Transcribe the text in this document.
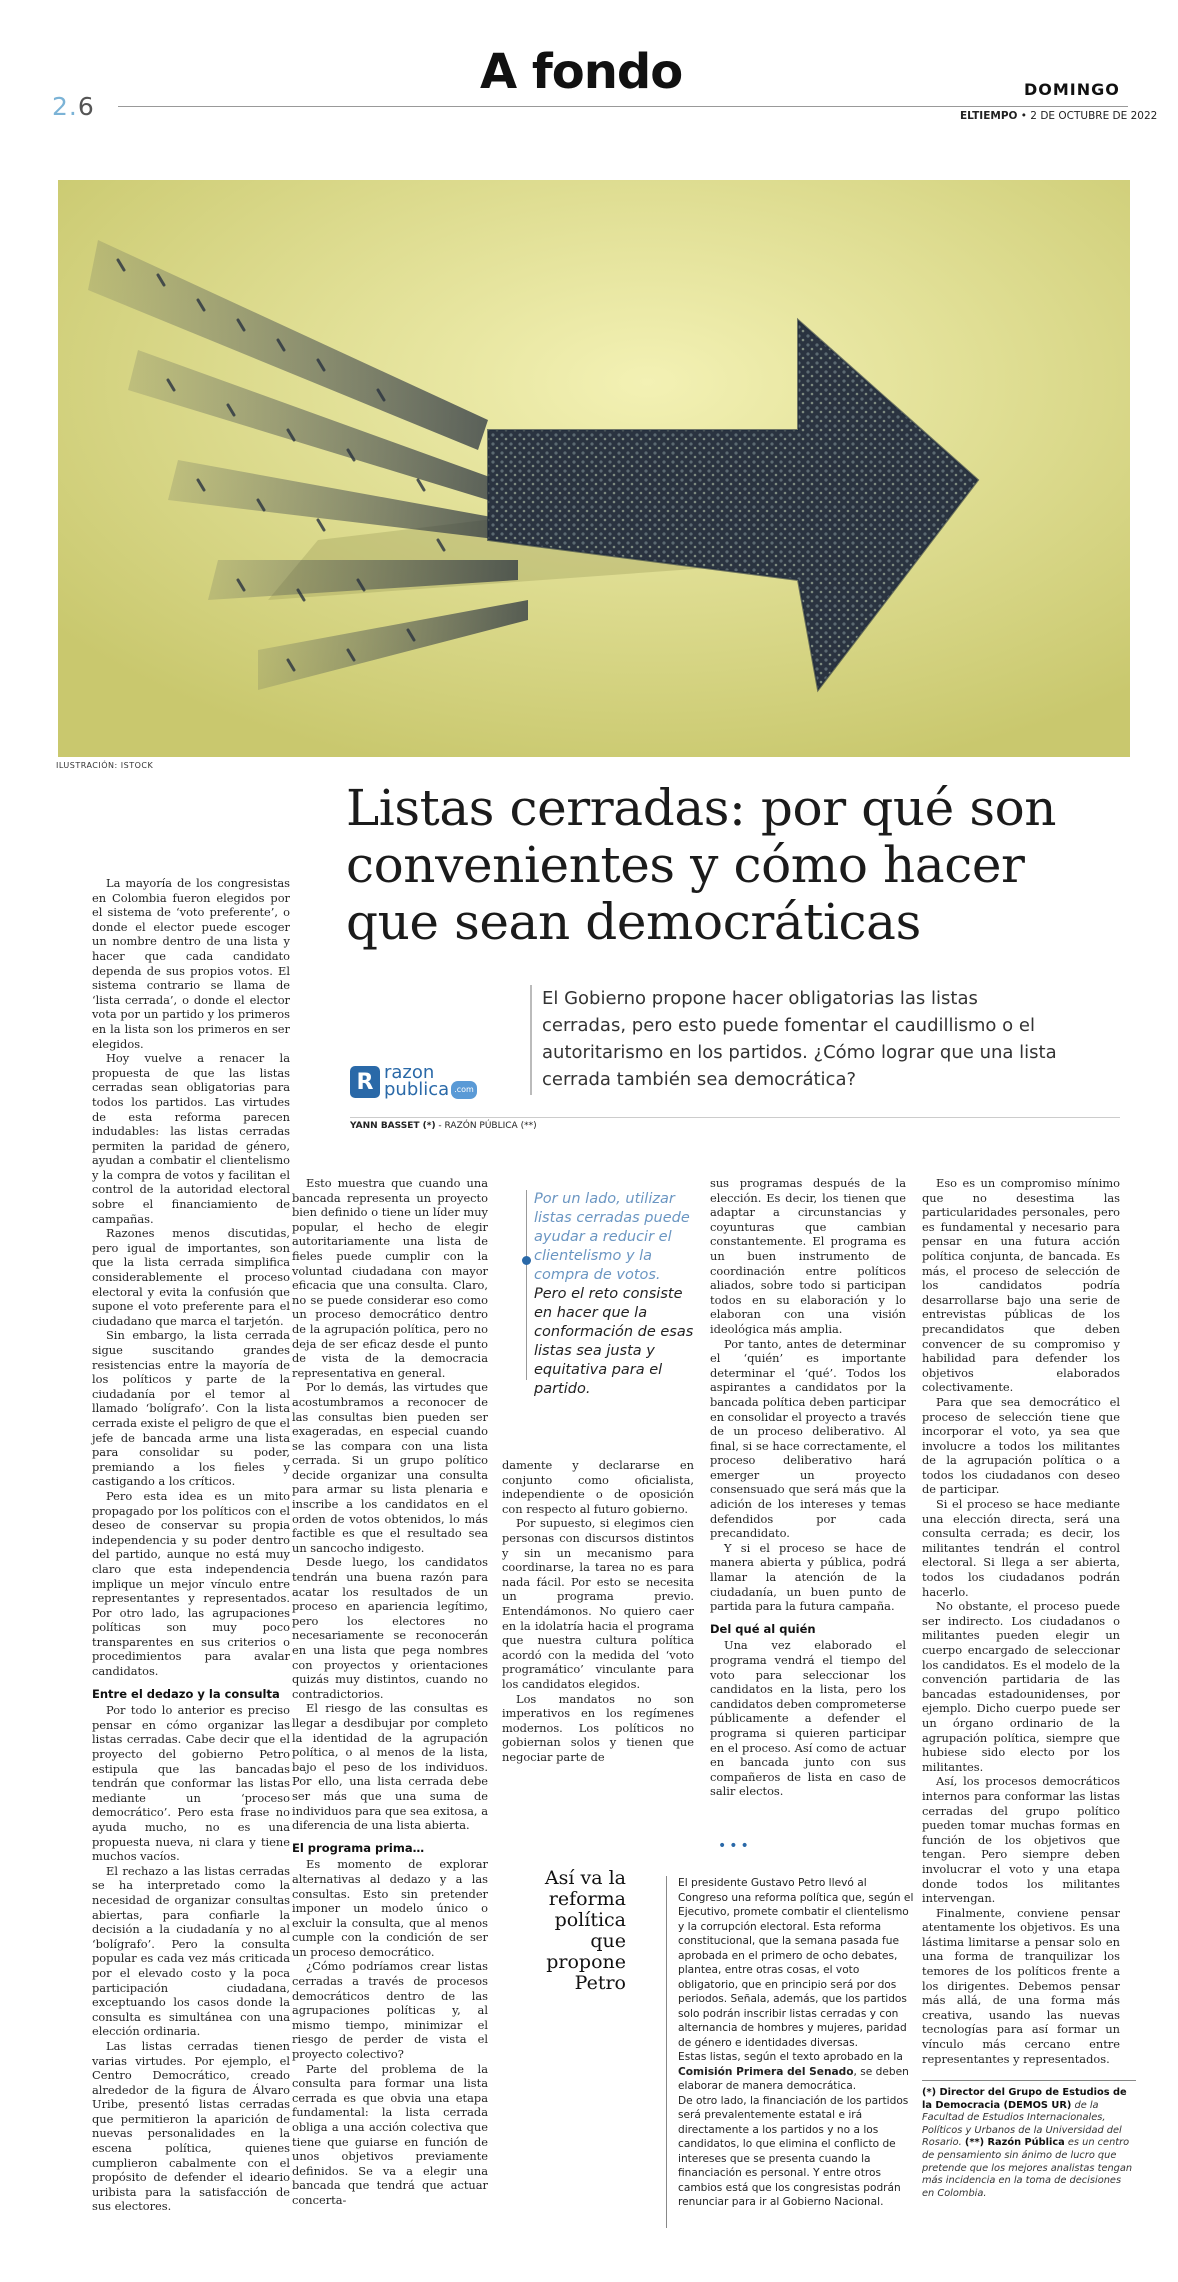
2.6
A fondo	DOMINGO
ELTIEMPO • 2 DE OCTUBRE DE 2022
ILUSTRACIÓN: ISTOCK
Listas cerradas: por qué son convenientes y cómo hacer que sean democráticas
El Gobierno propone hacer obligatorias las listas cerradas, pero esto puede fomentar el caudillismo o el autoritarismo en los partidos. ¿Cómo lograr que una lista cerrada también sea democrática?
R razon
publica .com
YANN BASSET (*) - RAZÓN PÚBLICA (**)

La mayoría de los congresistas en Colombia fueron elegidos por el sistema de ‘voto preferente’, o donde el elector puede escoger un nombre dentro de una lista y hacer que cada candidato dependa de sus propios votos. El sistema contrario se llama de ‘lista cerrada’, o donde el elector vota por un partido y los primeros en la lista son los primeros en ser elegidos.

Hoy vuelve a renacer la propuesta de que las listas cerradas sean obligatorias para todos los partidos. Las virtudes de esta reforma parecen indudables: las listas cerradas permiten la paridad de género, ayudan a combatir el clientelismo y la compra de votos y facilitan el control de la autoridad electoral sobre el financiamiento de campañas.

Razones menos discutidas, pero igual de importantes, son que la lista cerrada simplifica considerablemente el proceso electoral y evita la confusión que supone el voto preferente para el ciudadano que marca el tarjetón.

Sin embargo, la lista cerrada sigue suscitando grandes resistencias entre la mayoría de los políticos y parte de la ciudadanía por el temor al llamado ‘bolígrafo’. Con la lista cerrada existe el peligro de que el jefe de bancada arme una lista para consolidar su poder, premiando a los fieles y castigando a los críticos.

Pero esta idea es un mito propagado por los políticos con el deseo de conservar su propia independencia y su poder dentro del partido, aunque no está muy claro que esta independencia implique un mejor vínculo entre representantes y representados. Por otro lado, las agrupaciones políticas son muy poco transparentes en sus criterios o procedimientos para avalar candidatos.

Entre el dedazo y la consulta

Por todo lo anterior es preciso pensar en cómo organizar las listas cerradas. Cabe decir que el proyecto del gobierno Petro estipula que las bancadas tendrán que conformar las listas mediante un ‘proceso democrático’. Pero esta frase no ayuda mucho, no es una propuesta nueva, ni clara y tiene muchos vacíos.

El rechazo a las listas cerradas se ha interpretado como la necesidad de organizar consultas abiertas, para confiarle la decisión a la ciudadanía y no al ‘bolígrafo’. Pero la consulta popular es cada vez más criticada por el elevado costo y la poca participación ciudadana, exceptuando los casos donde la consulta es simultánea con una elección ordinaria.

Las listas cerradas tienen varias virtudes. Por ejemplo, el Centro Democrático, creado alrededor de la figura de Álvaro Uribe, presentó listas cerradas que permitieron la aparición de nuevas personalidades en la escena política, quienes cumplieron cabalmente con el propósito de defender el ideario uribista para la satisfacción de sus electores.

Esto muestra que cuando una bancada representa un proyecto bien definido o tiene un líder muy popular, el hecho de elegir autoritariamente una lista de fieles puede cumplir con la voluntad ciudadana con mayor eficacia que una consulta. Claro, no se puede considerar eso como un proceso democrático dentro de la agrupación política, pero no deja de ser eficaz desde el punto de vista de la democracia representativa en general.

Por lo demás, las virtudes que acostumbramos a reconocer de las consultas bien pueden ser exageradas, en especial cuando se las compara con una lista cerrada. Si un grupo político decide organizar una consulta para armar su lista plenaria e inscribe a los candidatos en el orden de votos obtenidos, lo más factible es que el resultado sea un sancocho indigesto.

Desde luego, los candidatos tendrán una buena razón para acatar los resultados de un proceso en apariencia legítimo, pero los electores no necesariamente se reconocerán en una lista que pega nombres con proyectos y orientaciones quizás muy distintos, cuando no contradictorios.

El riesgo de las consultas es llegar a desdibujar por completo la identidad de la agrupación política, o al menos de la lista, bajo el peso de los individuos. Por ello, una lista cerrada debe ser más que una suma de individuos para que sea exitosa, a diferencia de una lista abierta.

El programa prima…

Es momento de explorar alternativas al dedazo y a las consultas. Esto sin pretender imponer un modelo único o excluir la consulta, que al menos cumple con la condición de ser un proceso democrático.

¿Cómo podríamos crear listas cerradas a través de procesos democráticos dentro de las agrupaciones políticas y, al mismo tiempo, minimizar el riesgo de perder de vista el proyecto colectivo?

Parte del problema de la consulta para formar una lista cerrada es que obvia una etapa fundamental: la lista cerrada obliga a una acción colectiva que tiene que guiarse en función de unos objetivos previamente definidos. Se va a elegir una bancada que tendrá que actuar concerta-

Por un lado, utilizar listas cerradas puede ayudar a reducir el clientelismo y la compra de votos.
Pero el reto consiste en hacer que la conformación de esas listas sea justa y equitativa para el partido.

damente y declararse en conjunto como oficialista, independiente o de oposición con respecto al futuro gobierno.

Por supuesto, si elegimos cien personas con discursos distintos y sin un mecanismo para coordinarse, la tarea no es para nada fácil. Por esto se necesita un programa previo. Entendámonos. No quiero caer en la idolatría hacia el programa que nuestra cultura política acordó con la medida del ‘voto programático’ vinculante para los candidatos elegidos.

Los mandatos no son imperativos en los regímenes modernos. Los políticos no gobiernan solos y tienen que negociar parte de

sus programas después de la elección. Es decir, los tienen que adaptar a circunstancias y coyunturas que cambian constantemente. El programa es un buen instrumento de coordinación entre políticos aliados, sobre todo si participan todos en su elaboración y lo elaboran con una visión ideológica más amplia.

Por tanto, antes de determinar el ‘quién’ es importante determinar el ‘qué’. Todos los aspirantes a candidatos por la bancada política deben participar en consolidar el proyecto a través de un proceso deliberativo. Al final, si se hace correctamente, el proceso deliberativo hará emerger un proyecto consensuado que será más que la adición de los intereses y temas defendidos por cada precandidato.

Y si el proceso se hace de manera abierta y pública, podrá llamar la atención de la ciudadanía, un buen punto de partida para la futura campaña.

Del qué al quién

Una vez elaborado el programa vendrá el tiempo del voto para seleccionar los candidatos en la lista, pero los candidatos deben comprometerse públicamente a defender el programa si quieren participar en el proceso. Así como de actuar en bancada junto con sus compañeros de lista en caso de salir electos.

Eso es un compromiso mínimo que no desestima las particularidades personales, pero es fundamental y necesario para pensar en una futura acción política conjunta, de bancada. Es más, el proceso de selección de los candidatos podría desarrollarse bajo una serie de entrevistas públicas de los precandidatos que deben convencer de su compromiso y habilidad para defender los objetivos elaborados colectivamente.

Para que sea democrático el proceso de selección tiene que incorporar el voto, ya sea que involucre a todos los militantes de la agrupación política o a todos los ciudadanos con deseo de participar.

Si el proceso se hace mediante una elección directa, será una consulta cerrada; es decir, los militantes tendrán el control electoral. Si llega a ser abierta, todos los ciudadanos podrán hacerlo.

No obstante, el proceso puede ser indirecto. Los ciudadanos o militantes pueden elegir un cuerpo encargado de seleccionar los candidatos. Es el modelo de la convención partidaria de las bancadas estadounidenses, por ejemplo. Dicho cuerpo puede ser un órgano ordinario de la agrupación política, siempre que hubiese sido electo por los militantes.

Así, los procesos democráticos internos para conformar las listas cerradas del grupo político pueden tomar muchas formas en función de los objetivos que tengan. Pero siempre deben involucrar el voto y una etapa donde todos los militantes intervengan.

Finalmente, conviene pensar atentamente los objetivos. Es una lástima limitarse a pensar solo en una forma de tranquilizar los temores de los políticos frente a los dirigentes. Debemos pensar más allá, de una forma más creativa, usando las nuevas tecnologías para así formar un vínculo más cercano entre representantes y representados.

•••
Así va la reforma política que propone Petro
El presidente Gustavo Petro llevó al Congreso una reforma política que, según el Ejecutivo, promete combatir el clientelismo y la corrupción electoral. Esta reforma constitucional, que la semana pasada fue aprobada en el primero de ocho debates, plantea, entre otras cosas, el voto obligatorio, que en principio será por dos periodos. Señala, además, que los partidos solo podrán inscribir listas cerradas y con alternancia de hombres y mujeres, paridad de género e identidades diversas.
Estas listas, según el texto aprobado en la Comisión Primera del Senado, se deben elaborar de manera democrática.
De otro lado, la financiación de los partidos será prevalentemente estatal e irá directamente a los partidos y no a los candidatos, lo que elimina el conflicto de intereses que se presenta cuando la financiación es personal. Y entre otros cambios está que los congresistas podrán renunciar para ir al Gobierno Nacional.
(*) Director del Grupo de Estudios de la Democracia (DEMOS UR) de la Facultad de Estudios Internacionales, Políticos y Urbanos de la Universidad del Rosario. (**) Razón Pública es un centro de pensamiento sin ánimo de lucro que pretende que los mejores analistas tengan más incidencia en la toma de decisiones en Colombia.
